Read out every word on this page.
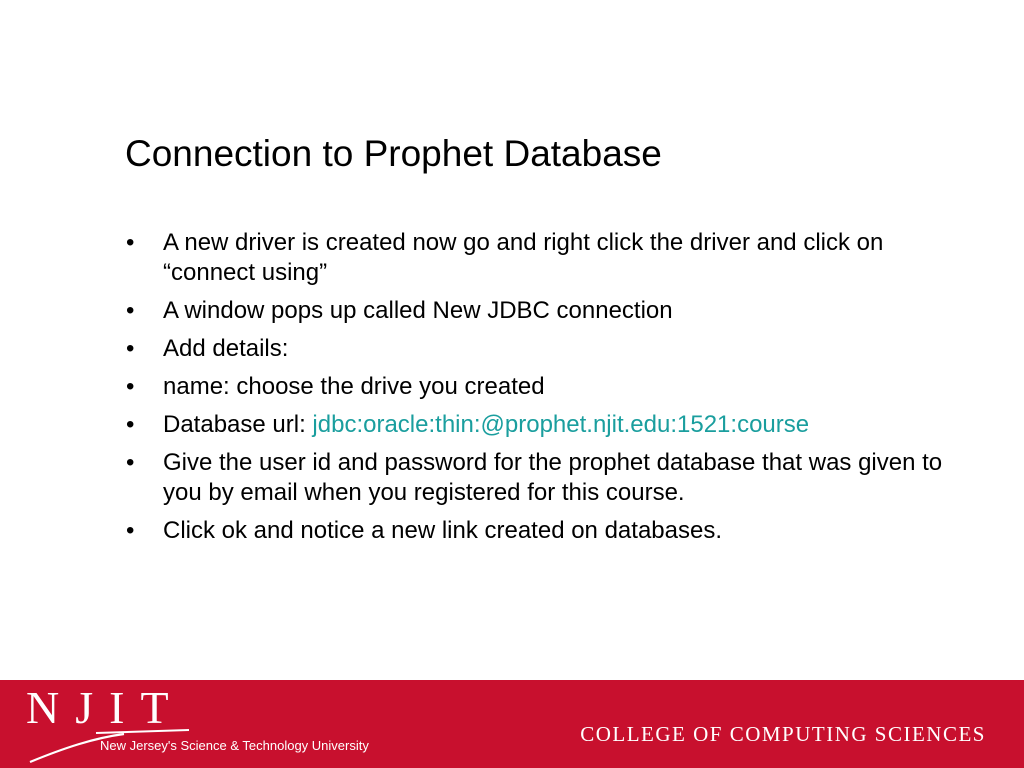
Connection to Prophet Database
• A new driver is created now go and right click the driver and click on “connect using”
• A window pops up called New JDBC connection
• Add details:
• name: choose the drive you created
• Database url: jdbc:oracle:thin:@prophet.njit.edu:1521:course
• Give the user id and password for the prophet database that was given to you by email when you registered for this course.
• Click ok and notice a new link created on databases.
NJIT
New Jersey's Science & Technology University	COLLEGE OF COMPUTING SCIENCES
